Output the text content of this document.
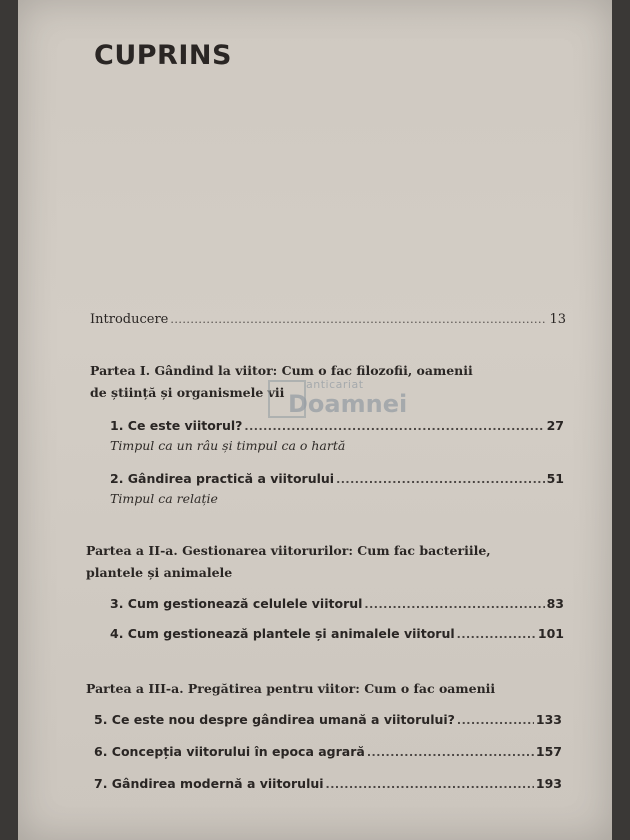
CUPRINS
Introducere .....	13
Partea I. Gândind la viitor: Cum o fac filozofii, oamenii
de știință și organismele vii
anticariat
Doamnei
1. Ce este viitorul? .....	27
Timpul ca un râu și timpul ca o hartă
2. Gândirea practică a viitorului .....	51
Timpul ca relație
Partea a II-a. Gestionarea viitorurilor: Cum fac bacteriile,
plantele și animalele
3. Cum gestionează celulele viitorul .....	83
4. Cum gestionează plantele și animalele viitorul .....	101
Partea a III-a. Pregătirea pentru viitor: Cum o fac oamenii
5. Ce este nou despre gândirea umană a viitorului? .....	133
6. Concepția viitorului în epoca agrară .....	157
7. Gândirea modernă a viitorului .....	193
